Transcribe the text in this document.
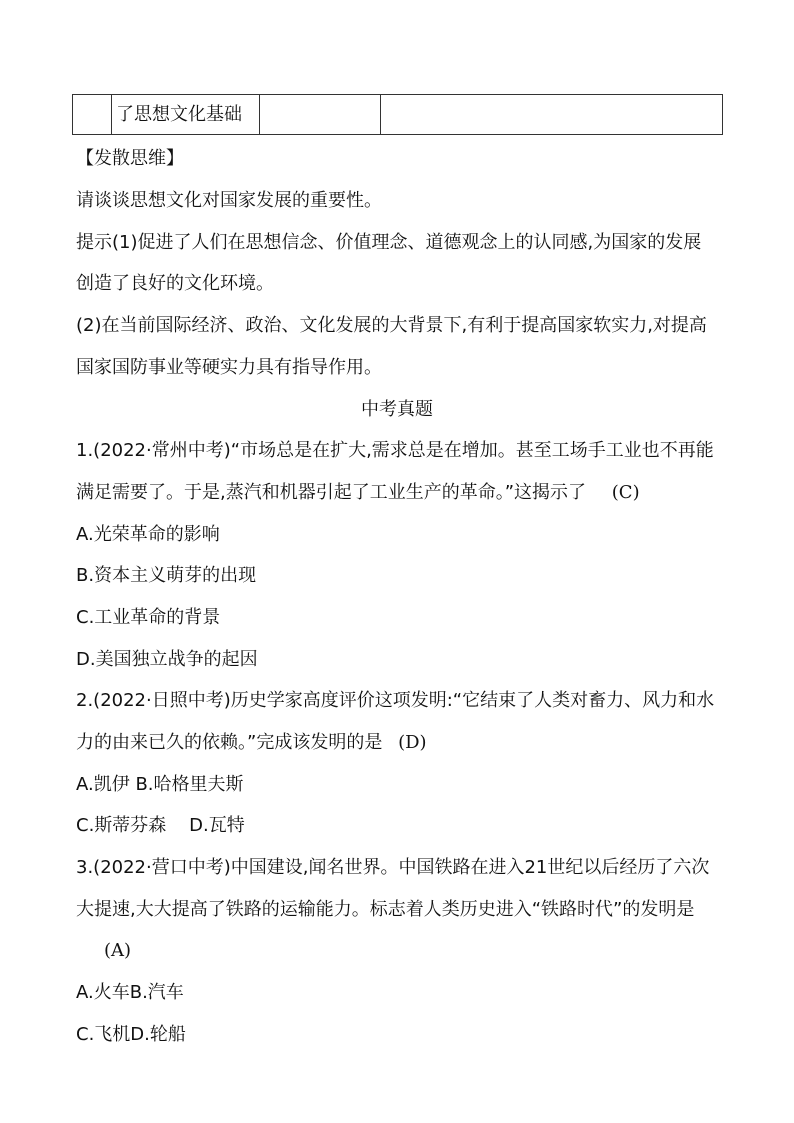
	了思想文化基础		
【发散思维】
请谈谈思想文化对国家发展的重要性。
提示(1)促进了人们在思想信念、价值理念、道德观念上的认同感,为国家的发展
创造了良好的文化环境。
(2)在当前国际经济、政治、文化发展的大背景下,有利于提高国家软实力,对提高
国家国防事业等硬实力具有指导作用。
中考真题
1.(2022·常州中考)“市场总是在扩大,需求总是在增加。甚至工场手工业也不再能
满足需要了。于是,蒸汽和机器引起了工业生产的革命。”这揭示了 (C)
A.光荣革命的影响
B.资本主义萌芽的出现
C.工业革命的背景
D.美国独立战争的起因
2.(2022·日照中考)历史学家高度评价这项发明:“它结束了人类对畜力、风力和水
力的由来已久的依赖。”完成该发明的是 (D)
A.凯伊 B.哈格里夫斯
C.斯蒂芬森    D.瓦特
3.(2022·营口中考)中国建设,闻名世界。中国铁路在进入21世纪以后经历了六次
大提速,大大提高了铁路的运输能力。标志着人类历史进入“铁路时代”的发明是
(A)
A.火车B.汽车
C.飞机D.轮船
